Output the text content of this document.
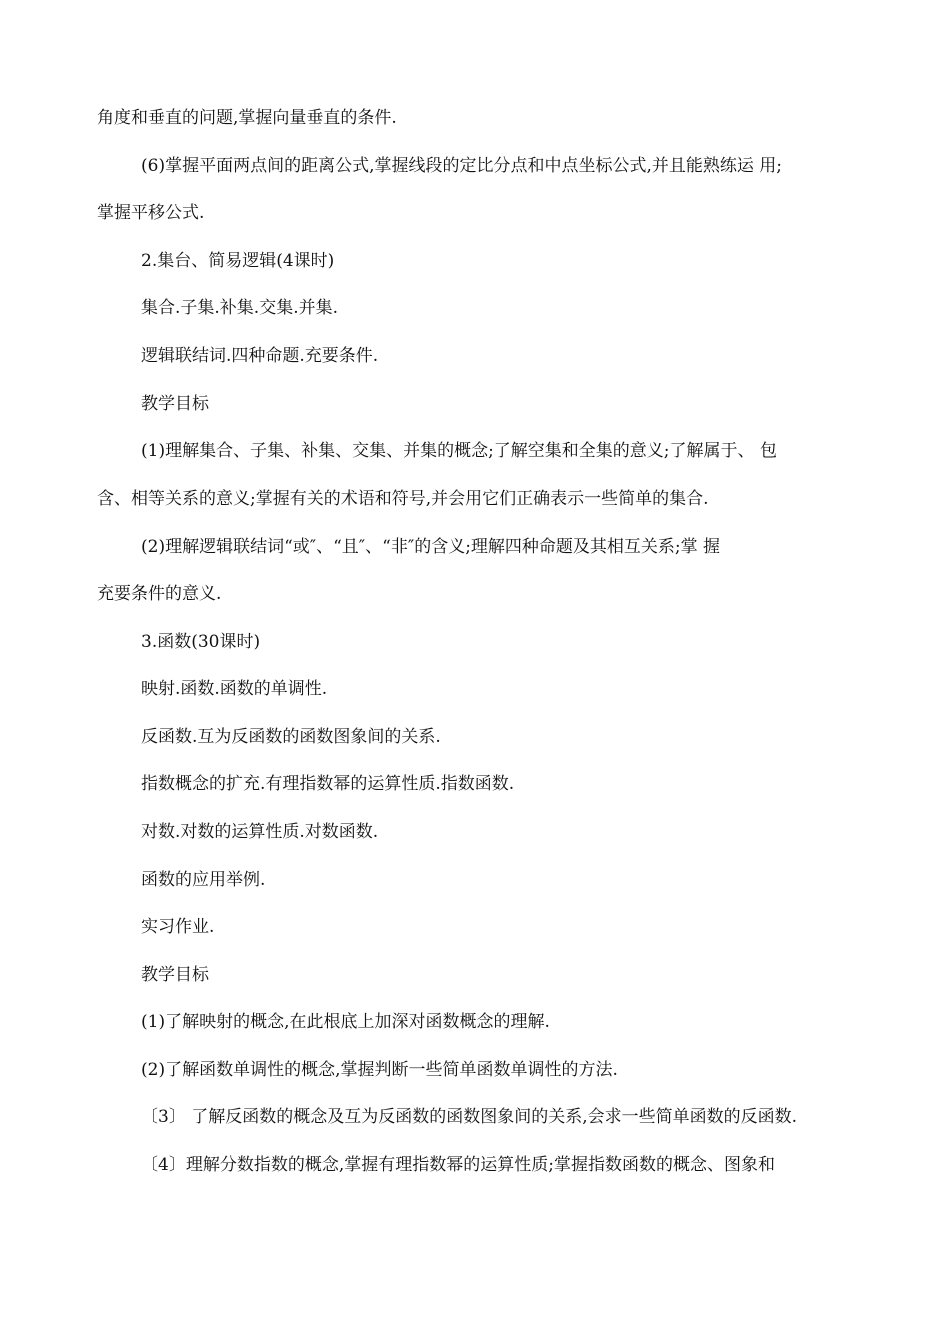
角度和垂直的问题,掌握向量垂直的条件.
(6)掌握平面两点间的距离公式,掌握线段的定比分点和中点坐标公式,并且能熟练运 用;
掌握平移公式.
2.集台、简易逻辑(4课时)
集合.子集.补集.交集.并集.
逻辑联结词.四种命题.充要条件.
教学目标
(1)理解集合、子集、补集、交集、并集的概念;了解空集和全集的意义;了解属于、 包
含、相等关系的意义;掌握有关的术语和符号,并会用它们正确表示一些简单的集合.
(2)理解逻辑联结词“或″、“且″、“非″的含义;理解四种命题及其相互关系;掌 握
充要条件的意义.
3.函数(30课时)
映射.函数.函数的单调性.
反函数.互为反函数的函数图象间的关系.
指数概念的扩充.有理指数幂的运算性质.指数函数.
对数.对数的运算性质.对数函数.
函数的应用举例.
实习作业.
教学目标
(1)了解映射的概念,在此根底上加深对函数概念的理解.
(2)了解函数单调性的概念,掌握判断一些简单函数单调性的方法.
〔3〕 了解反函数的概念及互为反函数的函数图象间的关系,会求一些简单函数的反函数.
〔4〕理解分数指数的概念,掌握有理指数幂的运算性质;掌握指数函数的概念、图象和
